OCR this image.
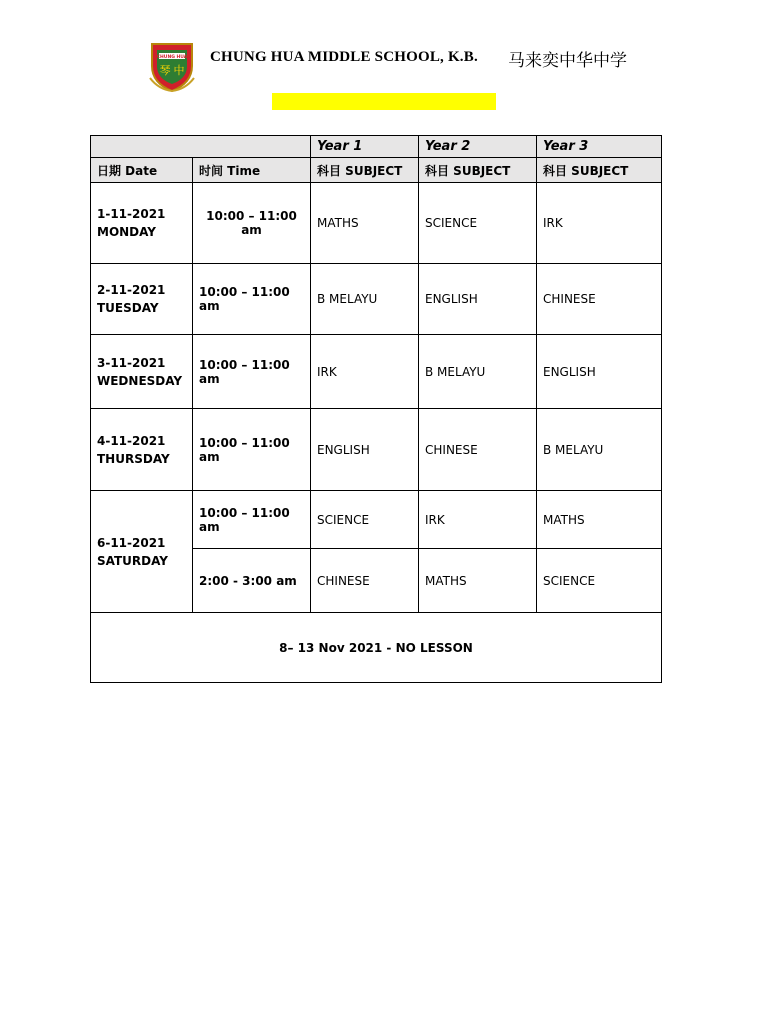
CHUNG HUA
琴 中
CHUNG HUA MIDDLE SCHOOL, K.B. 马来奕中华中学
		Year 1	Year 2	Year 3
日期 Date	时间 Time	科目 SUBJECT	科目 SUBJECT	科目 SUBJECT

1-11-2021
MONDAY	10:00 – 11:00 am	MATHS	SCIENCE	IRK

2-11-2021
TUESDAY	10:00 – 11:00 am	B MELAYU	ENGLISH	CHINESE

3-11-2021
WEDNESDAY	10:00 – 11:00 am	IRK	B MELAYU	ENGLISH

4-11-2021
THURSDAY	10:00 – 11:00 am	ENGLISH	CHINESE	B MELAYU

6-11-2021
SATURDAY	10:00 – 11:00 am	SCIENCE	IRK	MATHS
	2:00 - 3:00 am	CHINESE	MATHS	SCIENCE
8– 13 Nov 2021 - NO LESSON				
